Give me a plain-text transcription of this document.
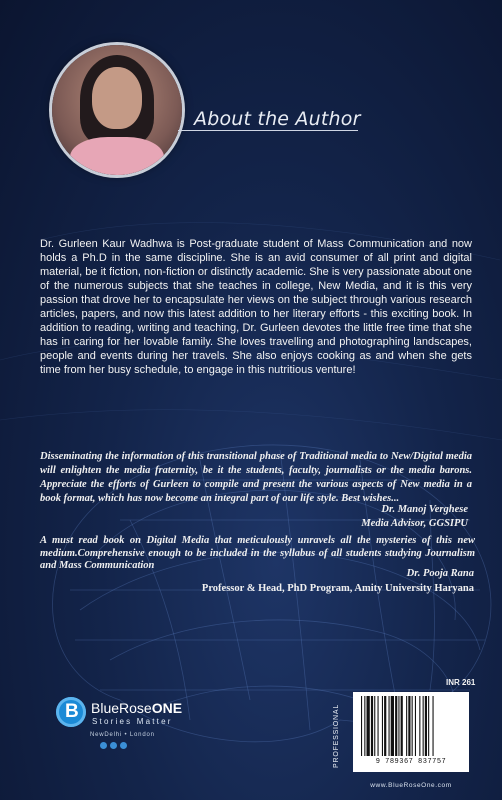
About the Author

Dr. Gurleen Kaur Wadhwa is Post-graduate student of Mass Communication and now holds a Ph.D in the same discipline. She is an avid consumer of all print and digital material, be it fiction, non-fiction or distinctly academic. She is very passionate about one of the numerous subjects that she teaches in college, New Media, and it is this very passion that drove her to encapsulate her views on the subject through various research articles, papers, and now this latest addition to her literary efforts - this exciting book. In addition to reading, writing and teaching, Dr. Gurleen devotes the little free time that she has in caring for her lovable family. She loves travelling and photographing landscapes, people and events during her travels. She also enjoys cooking as and when she gets time from her busy schedule, to engage in this nutritious venture!

Disseminating the information of this transitional phase of Traditional media to New/Digital media will enlighten the media fraternity, be it the students, faculty, journalists or the media barons. Appreciate the efforts of Gurleen to compile and present the various aspects of New media in a book format, which has now become an integral part of our life style. Best wishes...
Dr. Manoj Verghese
Media Advisor, GGSIPU
A must read book on Digital Media that meticulously unravels all the mysteries of this new medium.Comprehensive enough to be included in the syllabus of all students studying Journalism and Mass Communication
Dr. Pooja Rana
Professor & Head, PhD Program, Amity University Haryana
B BlueRoseONE
Stories Matter
NewDelhi • London	PROFESSIONAL
INR 261
9 789367 837757
www.BlueRoseOne.com
